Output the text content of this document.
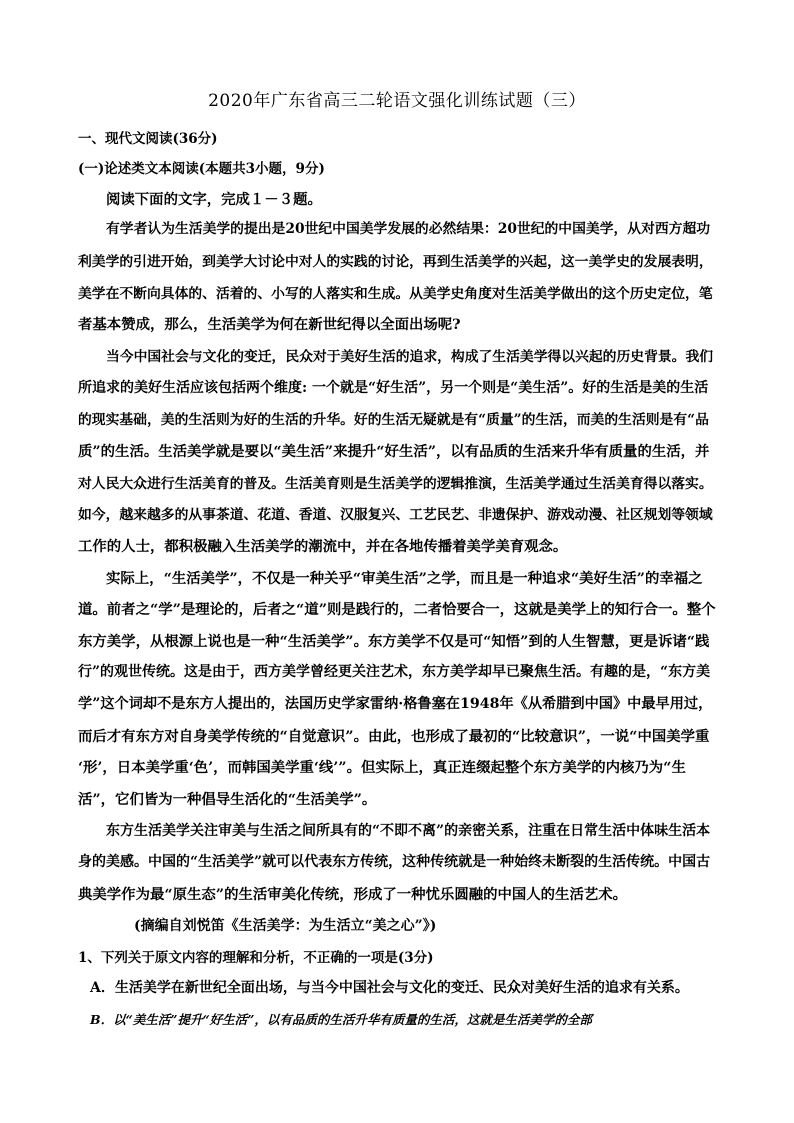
2020年广东省高三二轮语文强化训练试题（三）
一、现代文阅读(36分)
(一)论述类文本阅读(本题共3小题，9分)
阅读下面的文字，完成１－３题。
有学者认为生活美学的提出是20世纪中国美学发展的必然结果：20世纪的中国美学，从对西方超功
利美学的引进开始，到美学大讨论中对人的实践的讨论，再到生活美学的兴起，这一美学史的发展表明，
美学在不断向具体的、活着的、小写的人落实和生成。从美学史角度对生活美学做出的这个历史定位，笔
者基本赞成，那么，生活美学为何在新世纪得以全面出场呢?
当今中国社会与文化的变迁，民众对于美好生活的追求，构成了生活美学得以兴起的历史背景。我们
所追求的美好生活应该包括两个维度: 一个就是“好生活”，另一个则是“美生活”。好的生活是美的生活
的现实基础，美的生活则为好的生活的升华。好的生活无疑就是有“质量”的生活，而美的生活则是有“品
质”的生活。生活美学就是要以“美生活”来提升“好生活”，以有品质的生活来升华有质量的生活，并
对人民大众进行生活美育的普及。生活美育则是生活美学的逻辑推演，生活美学通过生活美育得以落实。
如今，越来越多的从事茶道、花道、香道、汉服复兴、工艺民艺、非遗保护、游戏动漫、社区规划等领域
工作的人士，都积极融入生活美学的潮流中，并在各地传播着美学美育观念。
实际上，“生活美学”，不仅是一种关乎“审美生活”之学，而且是一种追求“美好生活”的幸福之
道。前者之“学”是理论的，后者之“道”则是践行的，二者恰要合一，这就是美学上的知行合一。整个
东方美学，从根源上说也是一种“生活美学”。东方美学不仅是可“知悟”到的人生智慧，更是诉诸“践
行”的观世传统。这是由于，西方美学曾经更关注艺术，东方美学却早已聚焦生活。有趣的是，“东方美
学”这个词却不是东方人提出的，法国历史学家雷纳·格鲁塞在1948年《从希腊到中国》中最早用过，
而后才有东方对自身美学传统的“自觉意识”。由此，也形成了最初的“比较意识”，一说“中国美学重
‘形’，日本美学重‘色’，而韩国美学重‘线’”。但实际上，真正连缀起整个东方美学的内核乃为“生
活”，它们皆为一种倡导生活化的“生活美学”。
东方生活美学关注审美与生活之间所具有的“不即不离”的亲密关系，注重在日常生活中体味生活本
身的美感。中国的“生活美学”就可以代表东方传统，这种传统就是一种始终未断裂的生活传统。中国古
典美学作为最“原生态”的生活审美化传统，形成了一种忧乐圆融的中国人的生活艺术。
(摘编自刘悦笛《生活美学：为生活立“美之心”》)
1、下列关于原文内容的理解和分析，不正确的一项是(3分)
A．生活美学在新世纪全面出场，与当今中国社会与文化的变迁、民众对美好生活的追求有关系。
B．以“美生活”提升“好生活”，以有品质的生活升华有质量的生活，这就是生活美学的全部
